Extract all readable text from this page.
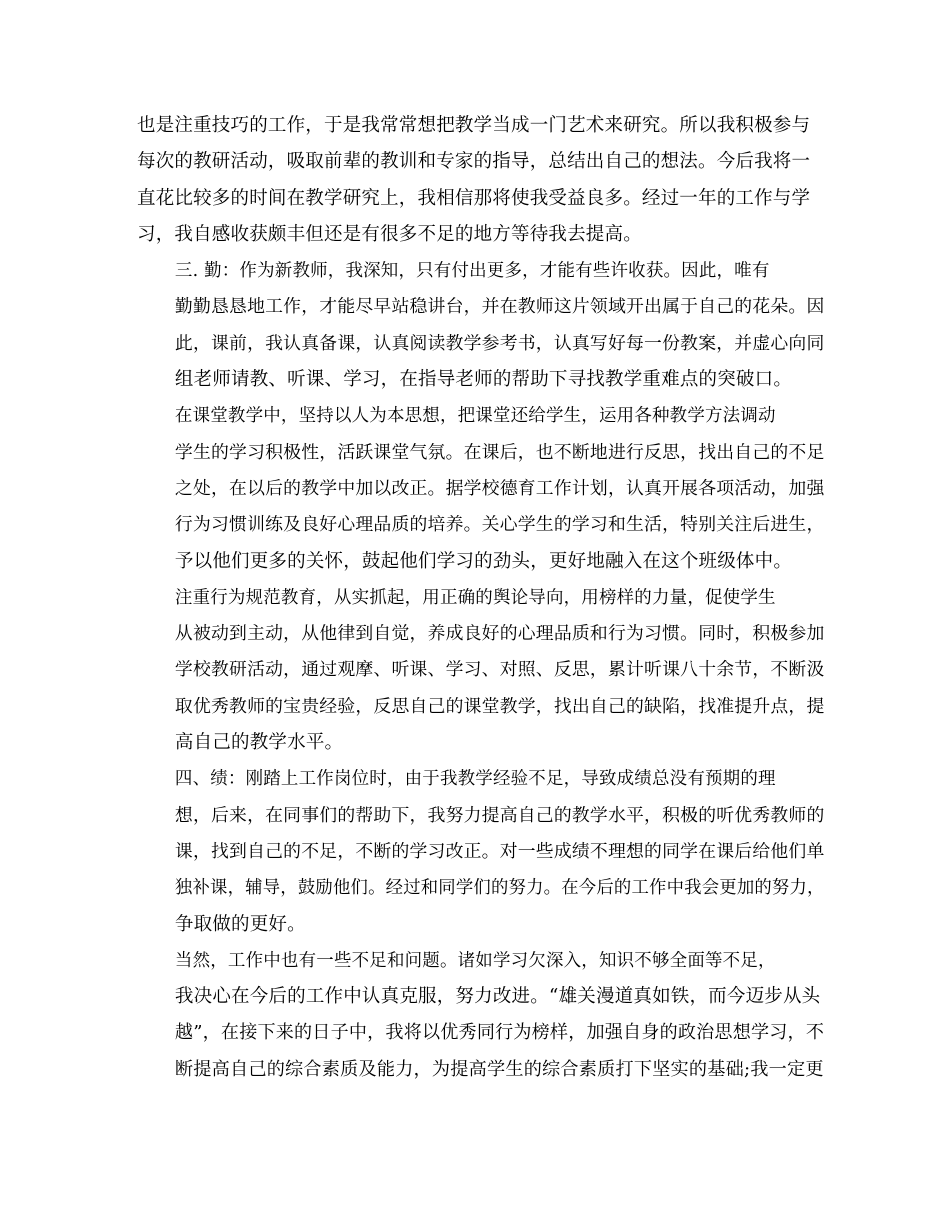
也是注重技巧的工作，于是我常常想把教学当成一门艺术来研究。所以我积极参与
每次的教研活动，吸取前辈的教训和专家的指导，总结出自己的想法。今后我将一
直花比较多的时间在教学研究上，我相信那将使我受益良多。经过一年的工作与学
习，我自感收获颇丰但还是有很多不足的地方等待我去提高。

三. 勤：作为新教师，我深知，只有付出更多，才能有些许收获。因此，唯有
勤勤恳恳地工作，才能尽早站稳讲台，并在教师这片领域开出属于自己的花朵。因
此，课前，我认真备课，认真阅读教学参考书，认真写好每一份教案，并虚心向同
组老师请教、听课、学习，在指导老师的帮助下寻找教学重难点的突破口。

在课堂教学中，坚持以人为本思想，把课堂还给学生，运用各种教学方法调动
学生的学习积极性，活跃课堂气氛。在课后，也不断地进行反思，找出自己的不足
之处，在以后的教学中加以改正。据学校德育工作计划，认真开展各项活动，加强
行为习惯训练及良好心理品质的培养。关心学生的学习和生活，特别关注后进生，
予以他们更多的关怀，鼓起他们学习的劲头，更好地融入在这个班级体中。

注重行为规范教育，从实抓起，用正确的舆论导向，用榜样的力量，促使学生
从被动到主动，从他律到自觉，养成良好的心理品质和行为习惯。同时，积极参加
学校教研活动，通过观摩、听课、学习、对照、反思，累计听课八十余节，不断汲
取优秀教师的宝贵经验，反思自己的课堂教学，找出自己的缺陷，找准提升点，提
高自己的教学水平。

四、绩：刚踏上工作岗位时，由于我教学经验不足，导致成绩总没有预期的理
想，后来，在同事们的帮助下，我努力提高自己的教学水平，积极的听优秀教师的
课，找到自己的不足，不断的学习改正。对一些成绩不理想的同学在课后给他们单
独补课，辅导，鼓励他们。经过和同学们的努力。在今后的工作中我会更加的努力，
争取做的更好。

当然，工作中也有一些不足和问题。诸如学习欠深入，知识不够全面等不足，
我决心在今后的工作中认真克服，努力改进。“雄关漫道真如铁，而今迈步从头
越”，在接下来的日子中，我将以优秀同行为榜样，加强自身的政治思想学习，不
断提高自己的综合素质及能力，为提高学生的综合素质打下坚实的基础;我一定更
